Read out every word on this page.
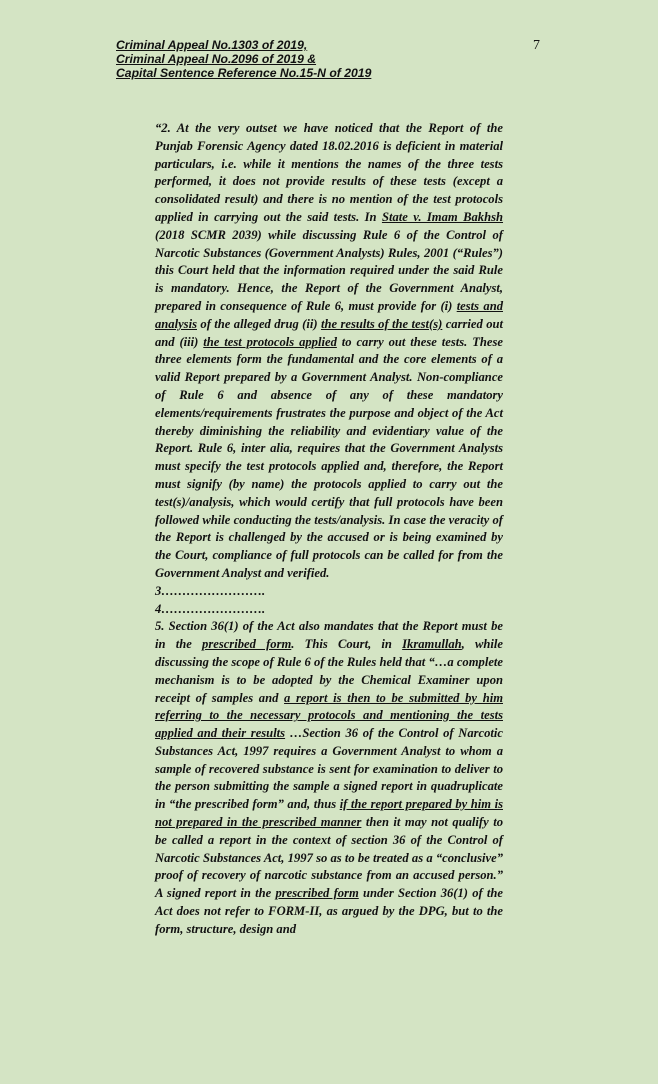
Criminal Appeal No.1303 of 2019,
Criminal Appeal No.2096 of 2019 &
Capital Sentence Reference No.15-N of 2019
7

“2. At the very outset we have noticed that the Report of the Punjab Forensic Agency dated 18.02.2016 is deficient in material particulars, i.e. while it mentions the names of the three tests performed, it does not provide results of these tests (except a consolidated result) and there is no mention of the test protocols applied in carrying out the said tests. In State v. Imam Bakhsh (2018 SCMR 2039) while discussing Rule 6 of the Control of Narcotic Substances (Government Analysts) Rules, 2001 (“Rules”) this Court held that the information required under the said Rule is mandatory. Hence, the Report of the Government Analyst, prepared in consequence of Rule 6, must provide for (i) tests and analysis of the alleged drug (ii) the results of the test(s) carried out and (iii) the test protocols applied to carry out these tests. These three elements form the fundamental and the core elements of a valid Report prepared by a Government Analyst. Non-compliance of Rule 6 and absence of any of these mandatory elements/requirements frustrates the purpose and object of the Act thereby diminishing the reliability and evidentiary value of the Report. Rule 6, inter alia, requires that the Government Analysts must specify the test protocols applied and, therefore, the Report must signify (by name) the protocols applied to carry out the test(s)/analysis, which would certify that full protocols have been followed while conducting the tests/analysis. In case the veracity of the Report is challenged by the accused or is being examined by the Court, compliance of full protocols can be called for from the Government Analyst and verified.

3…………………….

4…………………….

5. Section 36(1) of the Act also mandates that the Report must be in the prescribed form. This Court, in Ikramullah, while discussing the scope of Rule 6 of the Rules held that “…a complete mechanism is to be adopted by the Chemical Examiner upon receipt of samples and a report is then to be submitted by him referring to the necessary protocols and mentioning the tests applied and their results …Section 36 of the Control of Narcotic Substances Act, 1997 requires a Government Analyst to whom a sample of recovered substance is sent for examination to deliver to the person submitting the sample a signed report in quadruplicate in “the prescribed form” and, thus if the report prepared by him is not prepared in the prescribed manner then it may not qualify to be called a report in the context of section 36 of the Control of Narcotic Substances Act, 1997 so as to be treated as a “conclusive” proof of recovery of narcotic substance from an accused person.” A signed report in the prescribed form under Section 36(1) of the Act does not refer to FORM-II, as argued by the DPG, but to the form, structure, design and
